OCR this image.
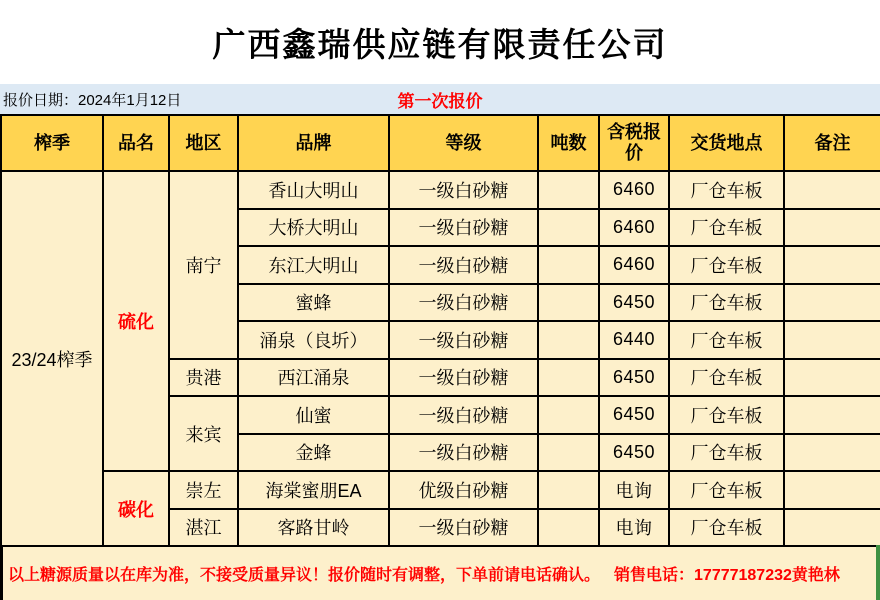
广西鑫瑞供应链有限责任公司
第一次报价
报价日期：2024年1月12日
榨季	品名	地区	品牌	等级	吨数	含税报价	交货地点	备注
23/24榨季	硫化	南宁	香山大明山	一级白砂糖		6460	厂仓车板	
			大桥大明山	一级白砂糖		6460	厂仓车板	
			东江大明山	一级白砂糖		6460	厂仓车板	
			蜜蜂	一级白砂糖		6450	厂仓车板	
			涌泉（良圻）	一级白砂糖		6440	厂仓车板	
		贵港	西江涌泉	一级白砂糖		6450	厂仓车板	
		来宾	仙蜜	一级白砂糖		6450	厂仓车板	
			金蜂	一级白砂糖		6450	厂仓车板	
	碳化	崇左	海棠蜜朋EA	优级白砂糖		电询	厂仓车板	
		湛江	客路甘岭	一级白砂糖		电询	厂仓车板	
以上糖源质量以在库为准，不接受质量异议！报价随时有调整，下单前请电话确认。 销售电话：17777187232黄艳林
